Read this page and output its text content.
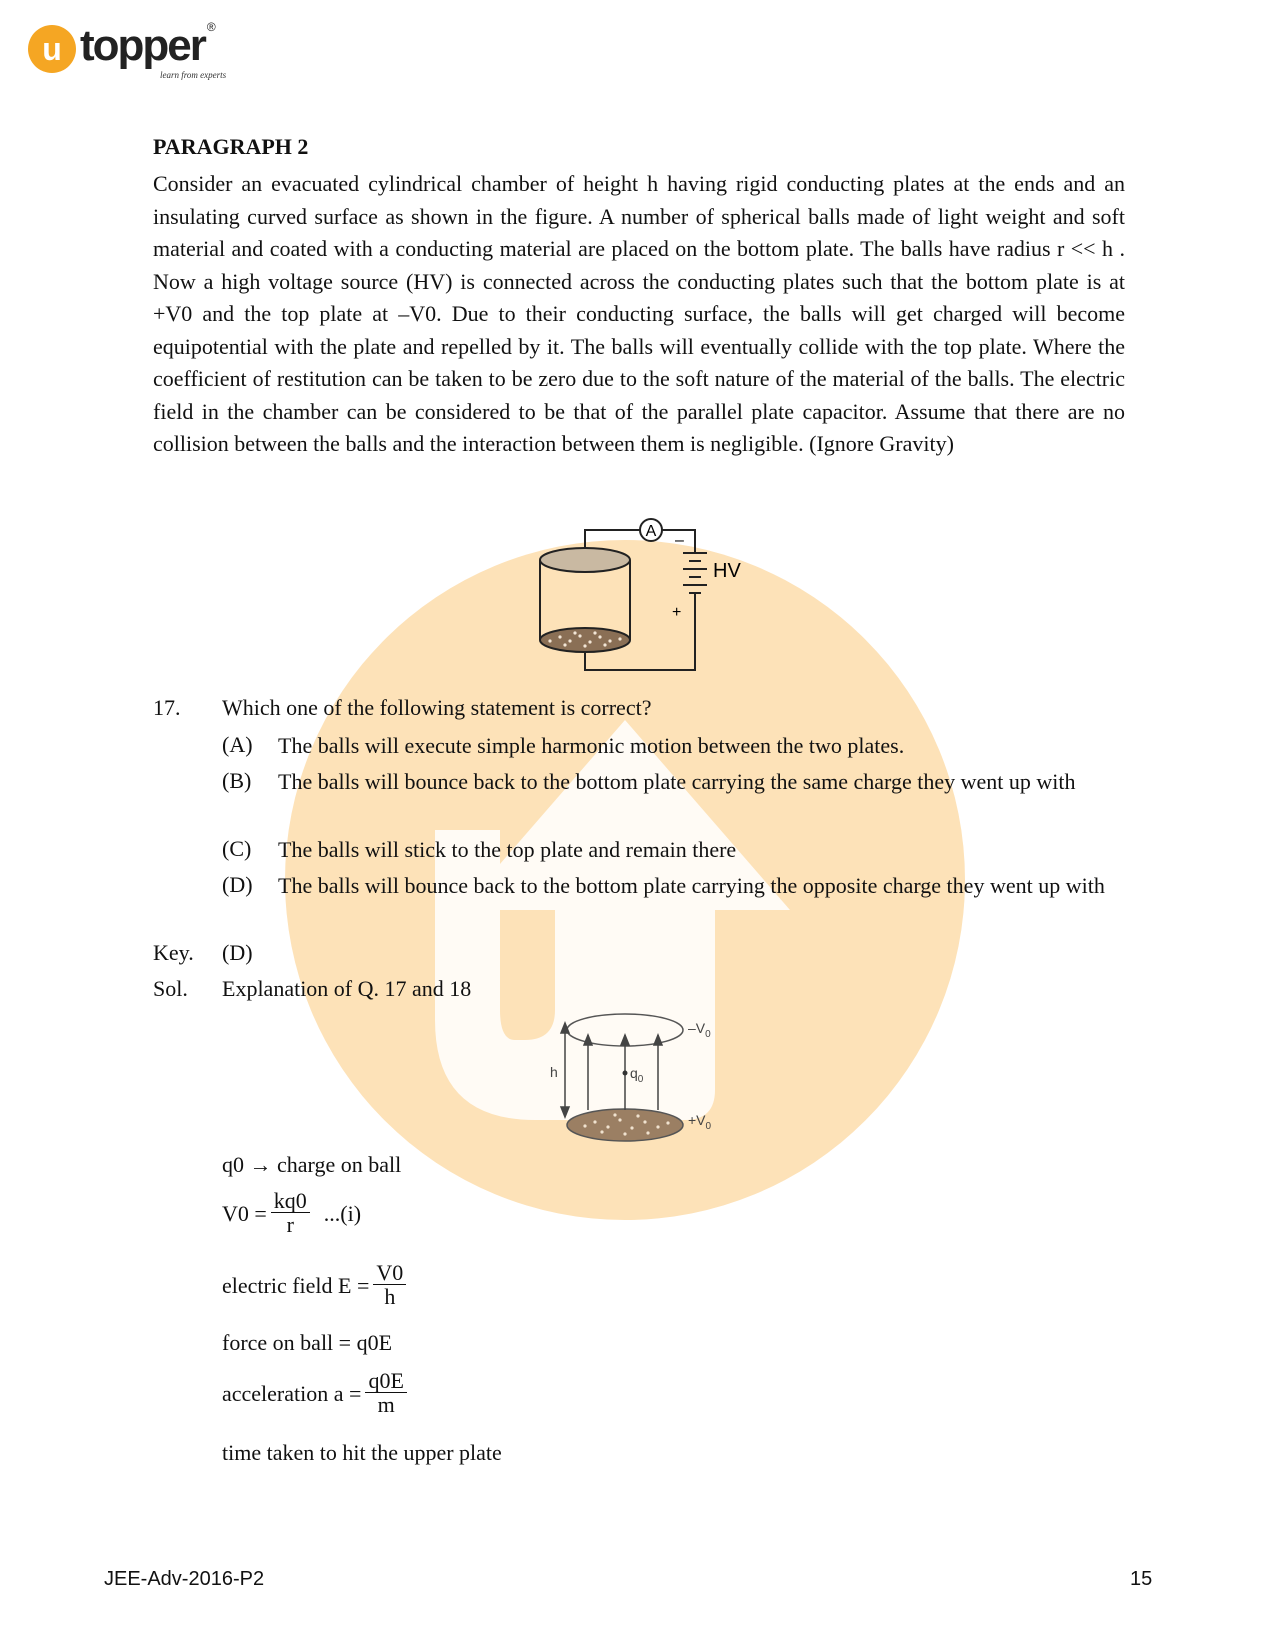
u topper ®
learn from experts
PARAGRAPH 2

Consider an evacuated cylindrical chamber of height h having rigid conducting plates at the ends and an insulating curved surface as shown in the figure. A number of spherical balls made of light weight and soft material and coated with a conducting material are placed on the bottom plate. The balls have radius r << h . Now a high voltage source (HV) is connected across the conducting plates such that the bottom plate is at +V0 and the top plate at –V0. Due to their conducting surface, the balls will get charged will become equipotential with the plate and repelled by it. The balls will eventually collide with the top plate. Where the coefficient of restitution can be taken to be zero due to the soft nature of the material of the balls. The electric field in the chamber can be considered to be that of the parallel plate capacitor. Assume that there are no collision between the balls and the interaction between them is negligible. (Ignore Gravity)

A
–
HV
+
17. Which one of the following statement is correct?
(A) The balls will execute simple harmonic motion between the two plates.
(B) The balls will bounce back to the bottom plate carrying the same charge they went up with
(C) The balls will stick to the top plate and remain there
(D) The balls will bounce back to the bottom plate carrying the opposite charge they went up with
Key. (D)
Sol. Explanation of Q. 17 and 18
h	$q_0$
$-V_0$
$+V_0$
q0 → charge on ball
$V0 = \frac{kq0}{r} ...(i)$
electric field $E = \frac{V0}{h}$
force on ball = q0E
acceleration $a = \frac{q0E}{m}$
time taken to hit the upper plate
JEE-Adv-2016-P2	15
